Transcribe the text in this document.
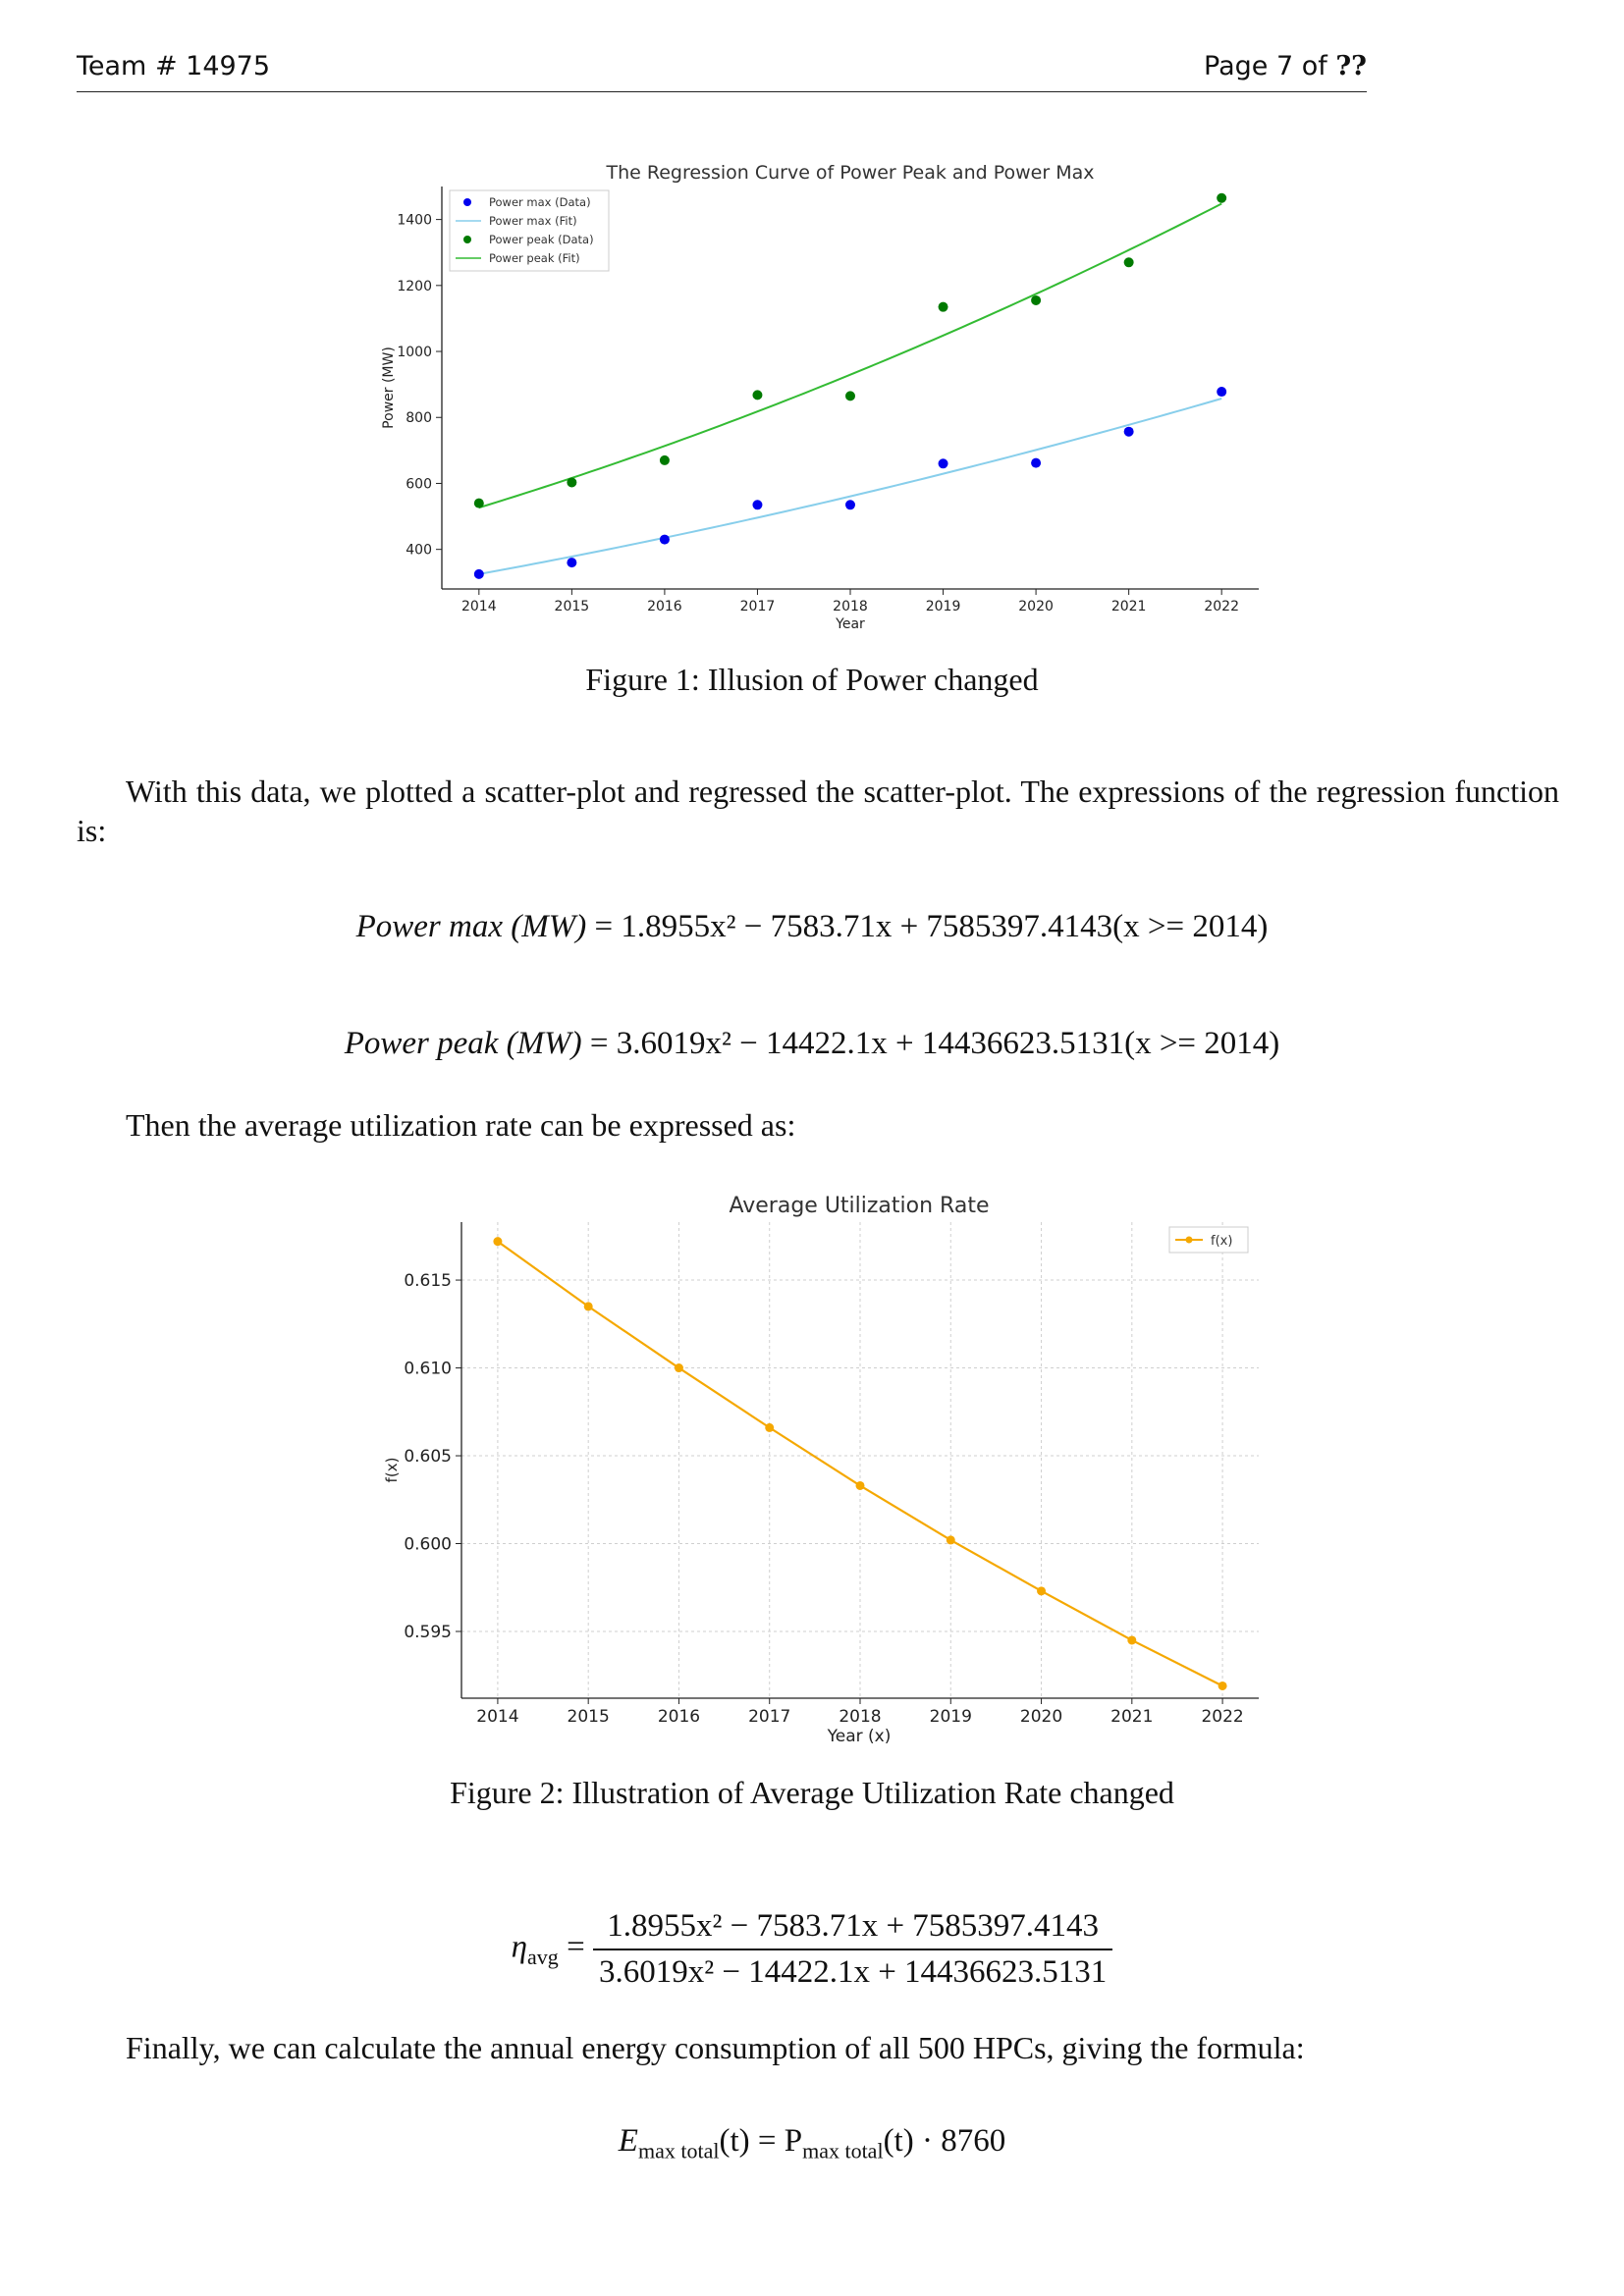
Team # 14975	Page 7 of ??
The Regression Curve of Power Peak and Power Max
2014	2015	2016	2017	2018	2019	2020	2021	2022
400
600
800
1000
1200
1400
Year
Power (MW)
Power max (Data)
Power max (Fit)
Power peak (Data)
Power peak (Fit)
Figure 1: Illusion of Power changed
With this data, we plotted a scatter-plot and regressed the scatter-plot. The expressions of the regression function is:
Power max (MW) = 1.8955x² − 7583.71x + 7585397.4143(x >= 2014)
Power peak (MW) = 3.6019x² − 14422.1x + 14436623.5131(x >= 2014)
Then the average utilization rate can be expressed as:
Average Utilization Rate
2014	2015	2016	2017	2018	2019	2020	2021	2022
0.595
0.600
0.605
0.610
0.615
Year (x)
f(x)
f(x)
Figure 2: Illustration of Average Utilization Rate changed
$\eta_{avg} = \frac{\text{1.8955x² − 7583.71x + 7585397.4143}}{\text{3.6019x² − 14422.1x + 14436623.5131}}$
Finally, we can calculate the annual energy consumption of all 500 HPCs, giving the formula:
$E_{max total}(t) = P_{max total}(t) \cdot 8760$
